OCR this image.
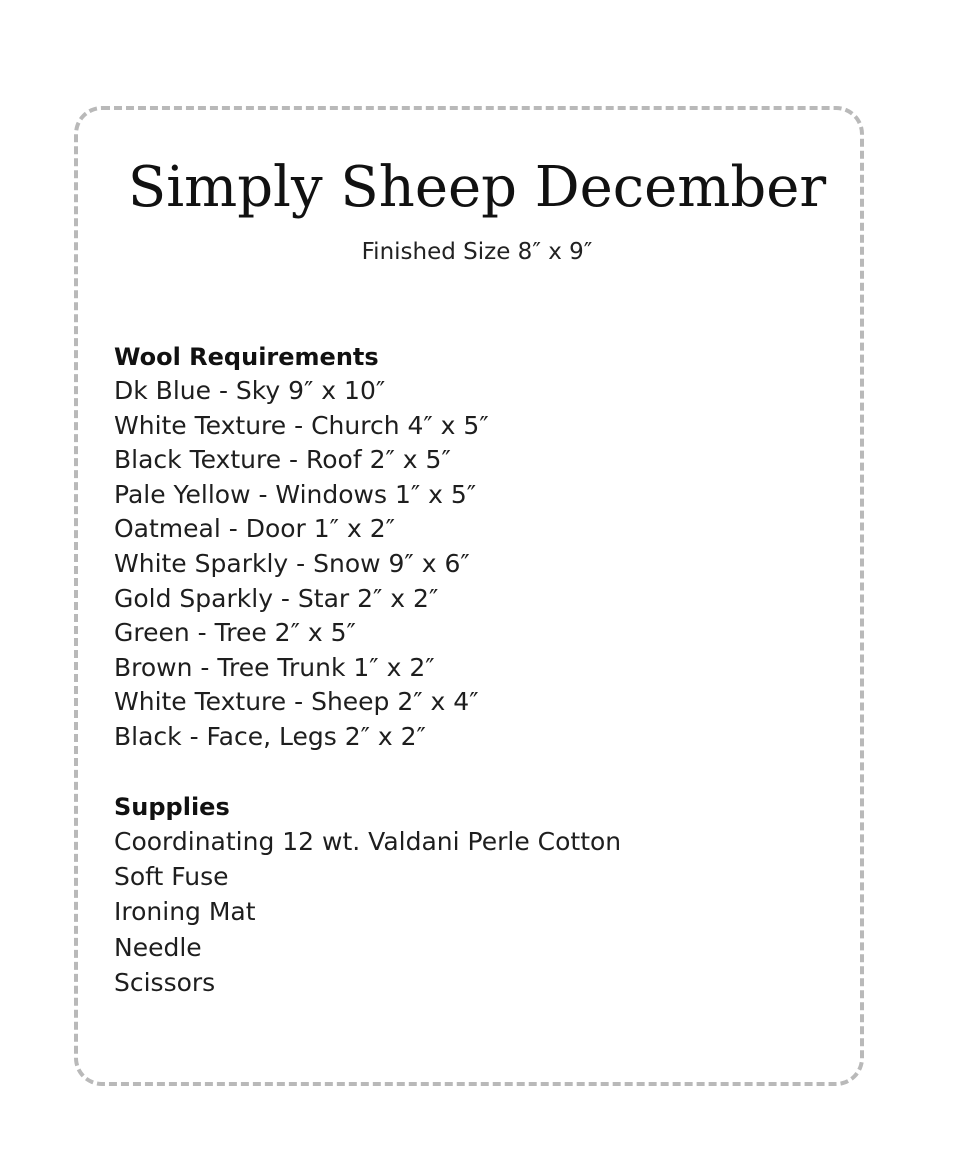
Simply Sheep December

Finished Size 8″ x 9″

Wool Requirements
Dk Blue - Sky 9″ x 10″
White Texture - Church 4″ x 5″
Black Texture - Roof 2″ x 5″
Pale Yellow - Windows 1″ x 5″
Oatmeal - Door 1″ x 2″
White Sparkly - Snow 9″ x 6″
Gold Sparkly - Star 2″ x 2″
Green - Tree 2″ x 5″
Brown - Tree Trunk 1″ x 2″
White Texture - Sheep 2″ x 4″
Black - Face, Legs 2″ x 2″
Supplies
Coordinating 12 wt. Valdani Perle Cotton
Soft Fuse
Ironing Mat
Needle
Scissors
